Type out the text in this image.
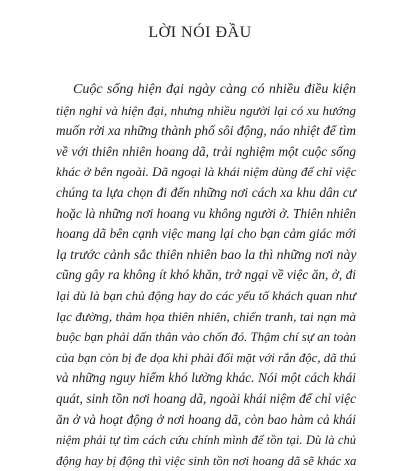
LỜI NÓI ĐẦU
Cuộc sống hiện đại ngày càng có nhiều điều kiện
tiện nghi và hiện đại, nhưng nhiều người lại có xu hướng
muốn rời xa những thành phố sôi động, náo nhiệt để tìm
về với thiên nhiên hoang dã, trải nghiệm một cuộc sống
khác ở bên ngoài. Dã ngoại là khái niệm dùng để chỉ việc
chúng ta lựa chọn đi đến những nơi cách xa khu dân cư
hoặc là những nơi hoang vu không người ở. Thiên nhiên
hoang dã bên cạnh việc mang lại cho bạn cảm giác mới
lạ trước cảnh sắc thiên nhiên bao la thì những nơi này
cũng gây ra không ít khó khăn, trở ngại về việc ăn, ở, đi
lại dù là bạn chủ động hay do các yếu tố khách quan như
lạc đường, thảm họa thiên nhiên, chiến tranh, tai nạn mà
buộc bạn phải dấn thân vào chốn đó. Thậm chí sự an toàn
của bạn còn bị đe dọa khi phải đối mặt với rắn độc, dã thú
và những nguy hiểm khó lường khác. Nói một cách khái
quát, sinh tồn nơi hoang dã, ngoài khái niệm để chỉ việc
ăn ở và hoạt động ở nơi hoang dã, còn bao hàm cả khái
niệm phải tự tìm cách cứu chính mình để tồn tại. Dù là chủ
động hay bị động thì việc sinh tồn nơi hoang dã sẽ khác xa
